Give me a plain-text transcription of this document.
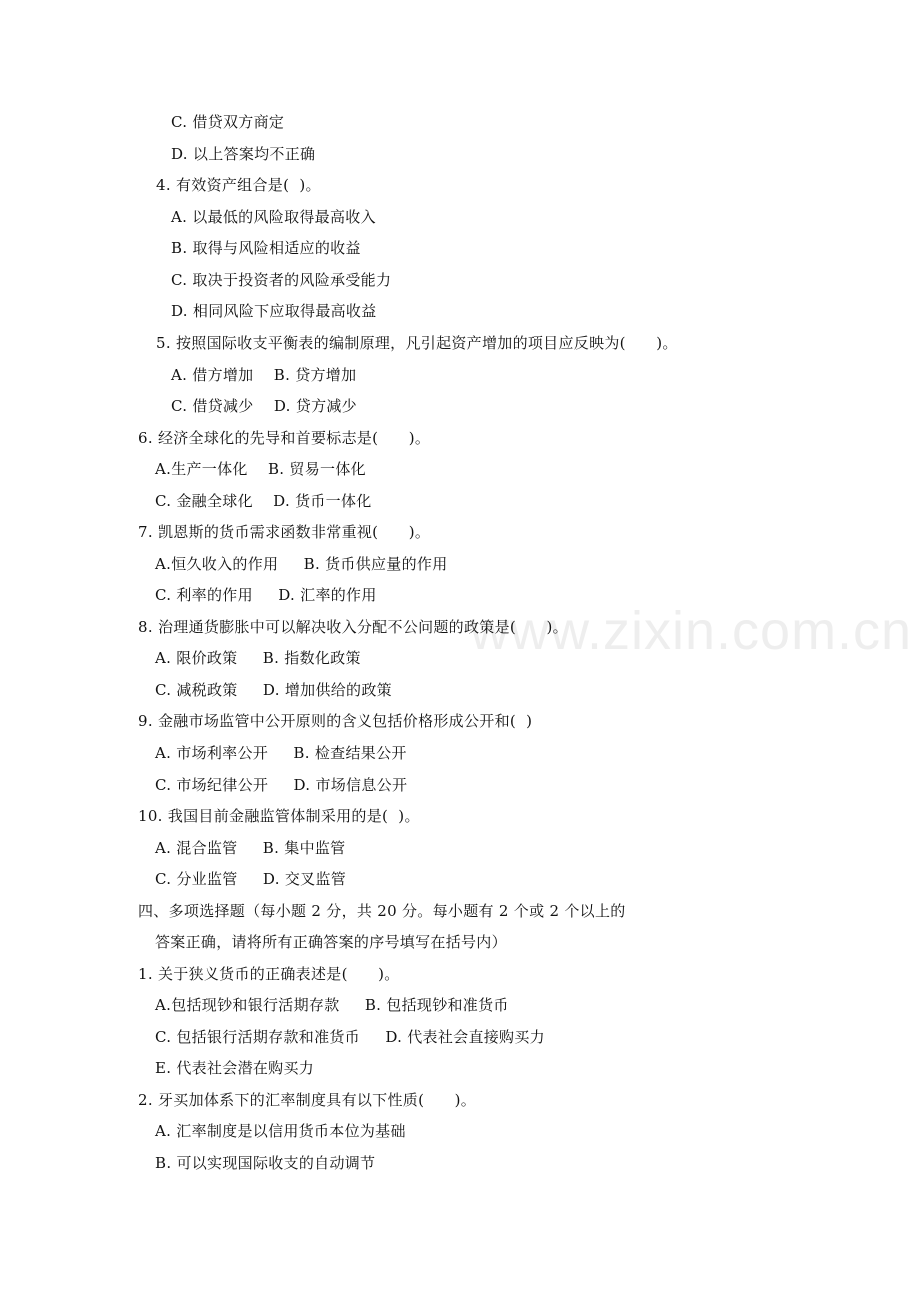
www.zixin.com.cn
C. 借贷双方商定
D. 以上答案均不正确
4. 有效资产组合是(  )。
A. 以最低的风险取得最高收入
B. 取得与风险相适应的收益
C. 取决于投资者的风险承受能力
D. 相同风险下应取得最高收益
5. 按照国际收支平衡表的编制原理，凡引起资产增加的项目应反映为(      )。
A. 借方增加    B. 贷方增加
C. 借贷减少    D. 贷方减少
6. 经济全球化的先导和首要标志是(      )。
A.生产一体化    B. 贸易一体化
C. 金融全球化    D. 货币一体化
7. 凯恩斯的货币需求函数非常重视(      )。
A.恒久收入的作用     B. 货币供应量的作用
C. 利率的作用     D. 汇率的作用
8. 治理通货膨胀中可以解决收入分配不公问题的政策是(      )。
A. 限价政策     B. 指数化政策
C. 减税政策     D. 增加供给的政策
9. 金融市场监管中公开原则的含义包括价格形成公开和(  )
A. 市场利率公开     B. 检查结果公开
C. 市场纪律公开     D. 市场信息公开
10. 我国目前金融监管体制采用的是(  )。
A. 混合监管     B. 集中监管
C. 分业监管     D. 交叉监管
四、多项选择题（每小题 2 分，共 20 分。每小题有 2 个或 2 个以上的
答案正确，请将所有正确答案的序号填写在括号内）
1. 关于狭义货币的正确表述是(      )。
A.包括现钞和银行活期存款     B. 包括现钞和准货币
C. 包括银行活期存款和准货币     D. 代表社会直接购买力
E. 代表社会潜在购买力
2. 牙买加体系下的汇率制度具有以下性质(      )。
A. 汇率制度是以信用货币本位为基础
B. 可以实现国际收支的自动调节
